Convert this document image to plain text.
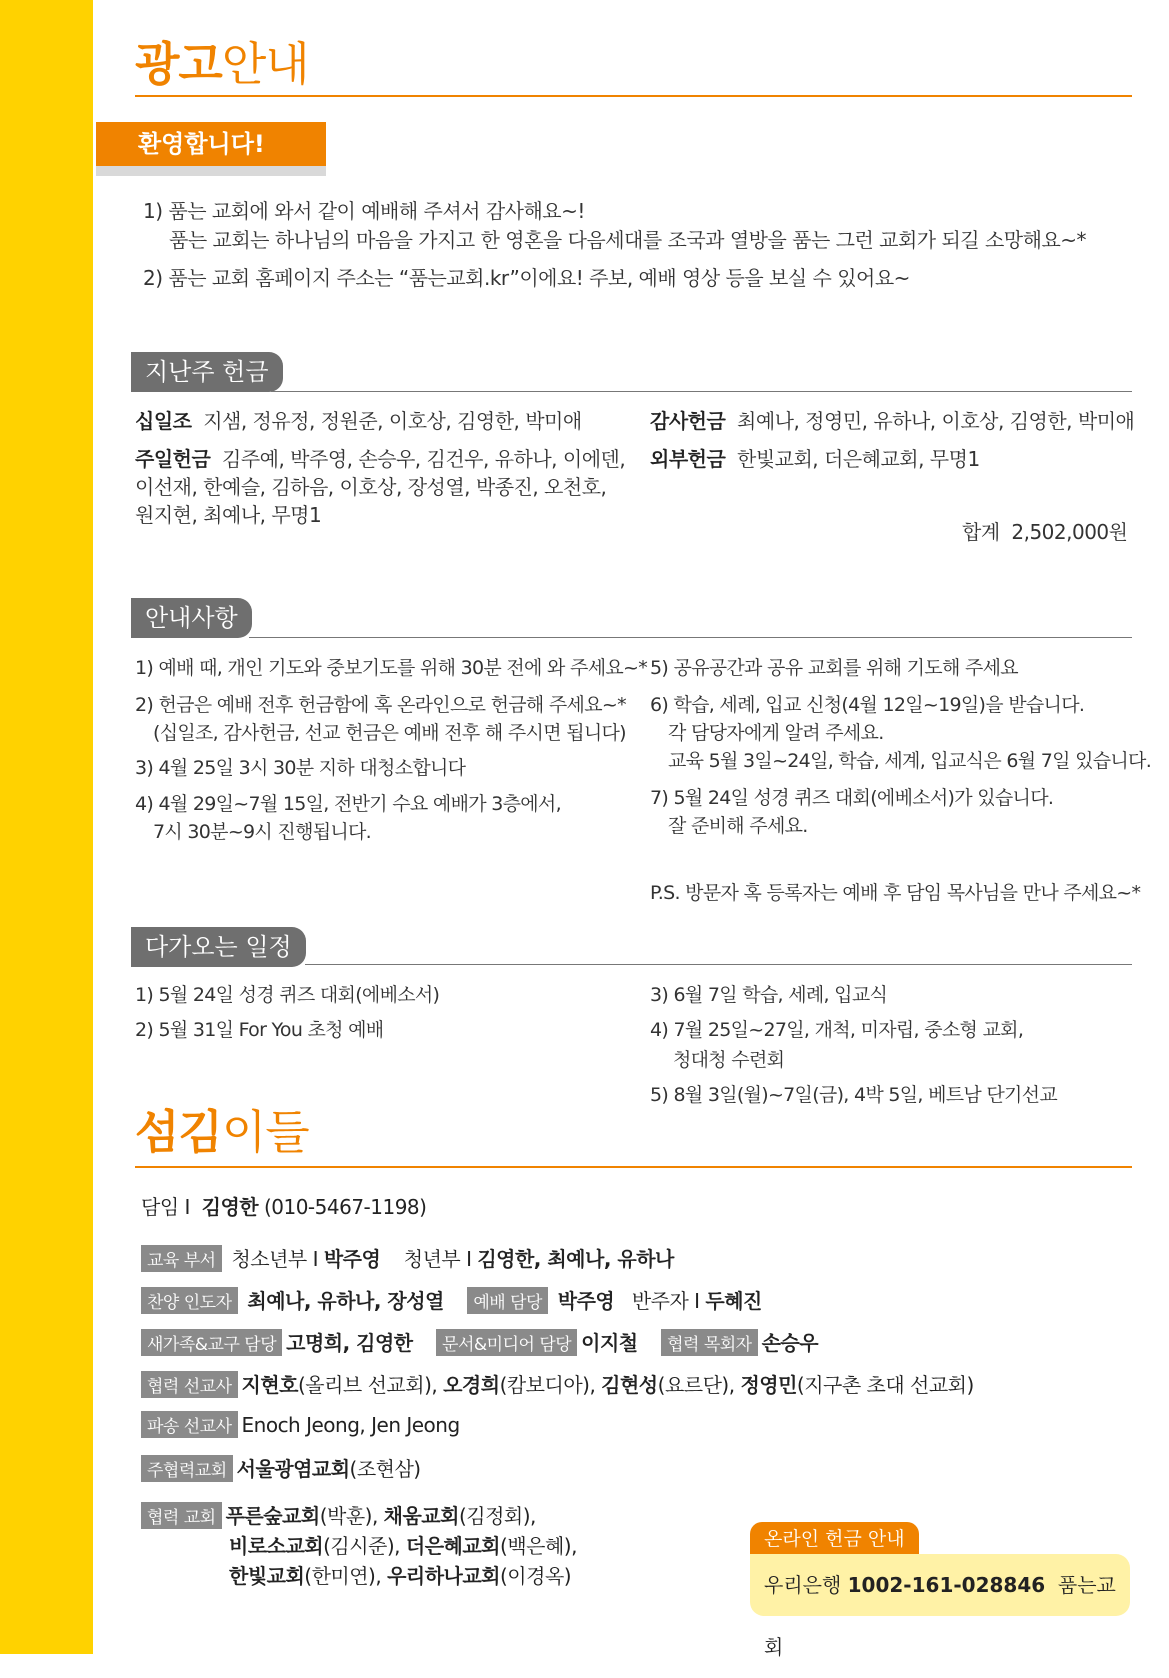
광고안내
환영합니다!
1) 품는 교회에 와서 같이 예배해 주셔서 감사해요~!
품는 교회는 하나님의 마음을 가지고 한 영혼을 다음세대를 조국과 열방을 품는 그런 교회가 되길 소망해요~*
2) 품는 교회 홈페이지 주소는 “품는교회.kr”이에요! 주보, 예배 영상 등을 보실 수 있어요~
지난주 헌금
십일조 지샘, 정유정, 정원준, 이호상, 김영한, 박미애
주일헌금 김주예, 박주영, 손승우, 김건우, 유하나, 이에덴,
이선재, 한예슬, 김하음, 이호상, 장성열, 박종진, 오천호,
원지현, 최예나, 무명1
감사헌금 최예나, 정영민, 유하나, 이호상, 김영한, 박미애
외부헌금 한빛교회, 더은혜교회, 무명1
합계 2,502,000원
안내사항
1) 예배 때, 개인 기도와 중보기도를 위해 30분 전에 와 주세요~*
2) 헌금은 예배 전후 헌금함에 혹 온라인으로 헌금해 주세요~*
(십일조, 감사헌금, 선교 헌금은 예배 전후 해 주시면 됩니다)
3) 4월 25일 3시 30분 지하 대청소합니다
4) 4월 29일~7월 15일, 전반기 수요 예배가 3층에서,
7시 30분~9시 진행됩니다.
5) 공유공간과 공유 교회를 위해 기도해 주세요
6) 학습, 세례, 입교 신청(4월 12일~19일)을 받습니다.
각 담당자에게 알려 주세요.
교육 5월 3일~24일, 학습, 세계, 입교식은 6월 7일 있습니다.
7) 5월 24일 성경 퀴즈 대회(에베소서)가 있습니다.
잘 준비해 주세요.
P.S. 방문자 혹 등록자는 예배 후 담임 목사님을 만나 주세요~*
다가오는 일정
1) 5월 24일 성경 퀴즈 대회(에베소서)
2) 5월 31일 For You 초청 예배
3) 6월 7일 학습, 세례, 입교식
4) 7월 25일~27일, 개척, 미자립, 중소형 교회,
청대청 수련회
5) 8월 3일(월)~7일(금), 4박 5일, 베트남 단기선교
섬김이들
담임 I 김영한 (010-5467-1198)
교육 부서 청소년부 I 박주영 청년부 I 김영한, 최예나, 유하나
찬양 인도자 최예나, 유하나, 장성열 예배 담당 박주영 반주자 I 두혜진
새가족&교구 담당 고명희, 김영한 문서&미디어 담당 이지철 협력 목회자 손승우
협력 선교사 지현호(올리브 선교회), 오경희(캄보디아), 김현성(요르단), 정영민(지구촌 초대 선교회)
파송 선교사 Enoch Jeong, Jen Jeong
주협력교회 서울광염교회(조현삼)
협력 교회 푸른숲교회(박훈), 채움교회(김정회),
비로소교회(김시준), 더은혜교회(백은혜),
한빛교회(한미연), 우리하나교회(이경옥)
온라인 헌금 안내
우리은행 1002-161-028846 품는교회
